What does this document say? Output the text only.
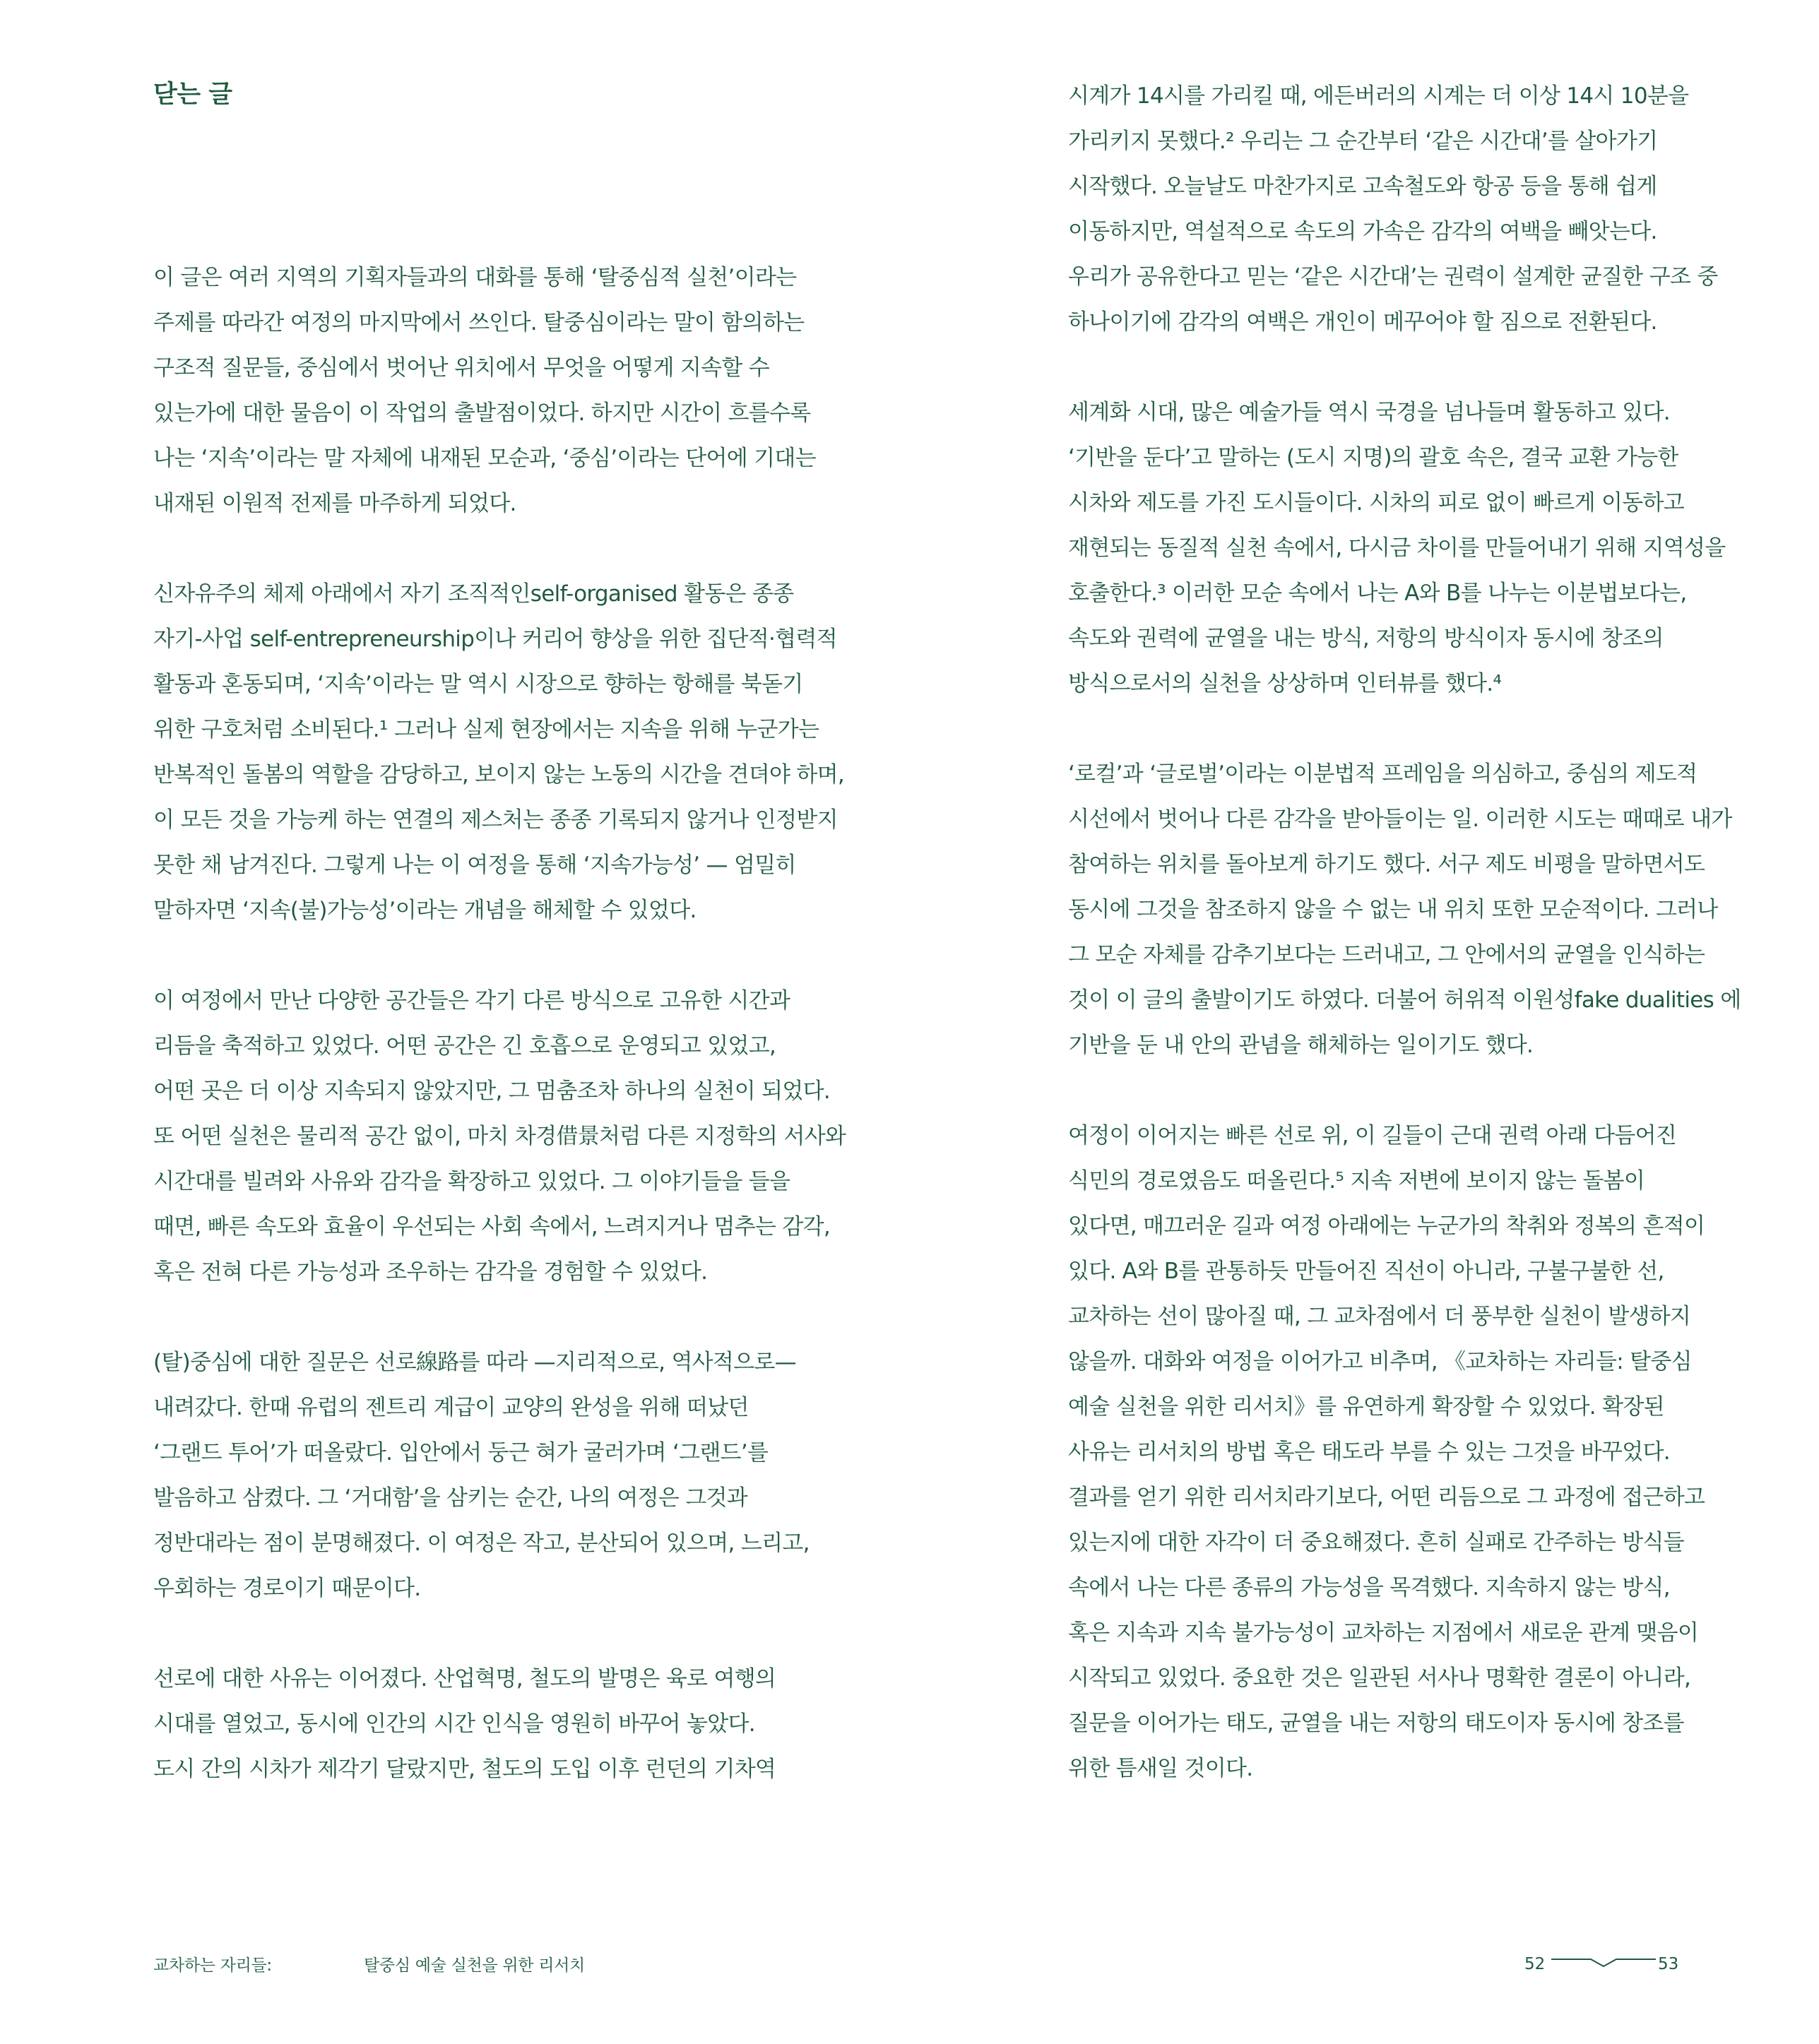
닫는 글

이 글은 여러 지역의 기획자들과의 대화를 통해 ‘탈중심적 실천’이라는
주제를 따라간 여정의 마지막에서 쓰인다. 탈중심이라는 말이 함의하는
구조적 질문들, 중심에서 벗어난 위치에서 무엇을 어떻게 지속할 수
있는가에 대한 물음이 이 작업의 출발점이었다. 하지만 시간이 흐를수록
나는 ‘지속’이라는 말 자체에 내재된 모순과, ‘중심’이라는 단어에 기대는
내재된 이원적 전제를 마주하게 되었다.

신자유주의 체제 아래에서 자기 조직적인self-organised 활동은 종종
자기-사업 self-entrepreneurship이나 커리어 향상을 위한 집단적·협력적
활동과 혼동되며, ‘지속’이라는 말 역시 시장으로 향하는 항해를 북돋기
위한 구호처럼 소비된다.¹ 그러나 실제 현장에서는 지속을 위해 누군가는
반복적인 돌봄의 역할을 감당하고, 보이지 않는 노동의 시간을 견뎌야 하며,
이 모든 것을 가능케 하는 연결의 제스처는 종종 기록되지 않거나 인정받지
못한 채 남겨진다. 그렇게 나는 이 여정을 통해 ‘지속가능성’ — 엄밀히
말하자면 ‘지속(불)가능성’이라는 개념을 해체할 수 있었다.

이 여정에서 만난 다양한 공간들은 각기 다른 방식으로 고유한 시간과
리듬을 축적하고 있었다. 어떤 공간은 긴 호흡으로 운영되고 있었고,
어떤 곳은 더 이상 지속되지 않았지만, 그 멈춤조차 하나의 실천이 되었다.
또 어떤 실천은 물리적 공간 없이, 마치 차경借景처럼 다른 지정학의 서사와
시간대를 빌려와 사유와 감각을 확장하고 있었다. 그 이야기들을 들을
때면, 빠른 속도와 효율이 우선되는 사회 속에서, 느려지거나 멈추는 감각,
혹은 전혀 다른 가능성과 조우하는 감각을 경험할 수 있었다.

(탈)중심에 대한 질문은 선로線路를 따라 —지리적으로, 역사적으로—
내려갔다. 한때 유럽의 젠트리 계급이 교양의 완성을 위해 떠났던
‘그랜드 투어’가 떠올랐다. 입안에서 둥근 혀가 굴러가며 ‘그랜드’를
발음하고 삼켰다. 그 ‘거대함’을 삼키는 순간, 나의 여정은 그것과
정반대라는 점이 분명해졌다. 이 여정은 작고, 분산되어 있으며, 느리고,
우회하는 경로이기 때문이다.

선로에 대한 사유는 이어졌다. 산업혁명, 철도의 발명은 육로 여행의
시대를 열었고, 동시에 인간의 시간 인식을 영원히 바꾸어 놓았다.
도시 간의 시차가 제각기 달랐지만, 철도의 도입 이후 런던의 기차역

시계가 14시를 가리킬 때, 에든버러의 시계는 더 이상 14시 10분을
가리키지 못했다.² 우리는 그 순간부터 ‘같은 시간대’를 살아가기
시작했다. 오늘날도 마찬가지로 고속철도와 항공 등을 통해 쉽게
이동하지만, 역설적으로 속도의 가속은 감각의 여백을 빼앗는다.
우리가 공유한다고 믿는 ‘같은 시간대’는 권력이 설계한 균질한 구조 중
하나이기에 감각의 여백은 개인이 메꾸어야 할 짐으로 전환된다.

세계화 시대, 많은 예술가들 역시 국경을 넘나들며 활동하고 있다.
‘기반을 둔다’고 말하는 (도시 지명)의 괄호 속은, 결국 교환 가능한
시차와 제도를 가진 도시들이다. 시차의 피로 없이 빠르게 이동하고
재현되는 동질적 실천 속에서, 다시금 차이를 만들어내기 위해 지역성을
호출한다.³ 이러한 모순 속에서 나는 A와 B를 나누는 이분법보다는,
속도와 권력에 균열을 내는 방식, 저항의 방식이자 동시에 창조의
방식으로서의 실천을 상상하며 인터뷰를 했다.⁴

‘로컬’과 ‘글로벌’이라는 이분법적 프레임을 의심하고, 중심의 제도적
시선에서 벗어나 다른 감각을 받아들이는 일. 이러한 시도는 때때로 내가
참여하는 위치를 돌아보게 하기도 했다. 서구 제도 비평을 말하면서도
동시에 그것을 참조하지 않을 수 없는 내 위치 또한 모순적이다. 그러나
그 모순 자체를 감추기보다는 드러내고, 그 안에서의 균열을 인식하는
것이 이 글의 출발이기도 하였다. 더불어 허위적 이원성fake dualities 에
기반을 둔 내 안의 관념을 해체하는 일이기도 했다.

여정이 이어지는 빠른 선로 위, 이 길들이 근대 권력 아래 다듬어진
식민의 경로였음도 떠올린다.⁵ 지속 저변에 보이지 않는 돌봄이
있다면, 매끄러운 길과 여정 아래에는 누군가의 착취와 정복의 흔적이
있다. A와 B를 관통하듯 만들어진 직선이 아니라, 구불구불한 선,
교차하는 선이 많아질 때, 그 교차점에서 더 풍부한 실천이 발생하지
않을까. 대화와 여정을 이어가고 비추며, 《교차하는 자리들: 탈중심
예술 실천을 위한 리서치》를 유연하게 확장할 수 있었다. 확장된
사유는 리서치의 방법 혹은 태도라 부를 수 있는 그것을 바꾸었다.
결과를 얻기 위한 리서치라기보다, 어떤 리듬으로 그 과정에 접근하고
있는지에 대한 자각이 더 중요해졌다. 흔히 실패로 간주하는 방식들
속에서 나는 다른 종류의 가능성을 목격했다. 지속하지 않는 방식,
혹은 지속과 지속 불가능성이 교차하는 지점에서 새로운 관계 맺음이
시작되고 있었다. 중요한 것은 일관된 서사나 명확한 결론이 아니라,
질문을 이어가는 태도, 균열을 내는 저항의 태도이자 동시에 창조를
위한 틈새일 것이다.

교차하는 자리들:	탈중심 예술 실천을 위한 리서치	52	53
